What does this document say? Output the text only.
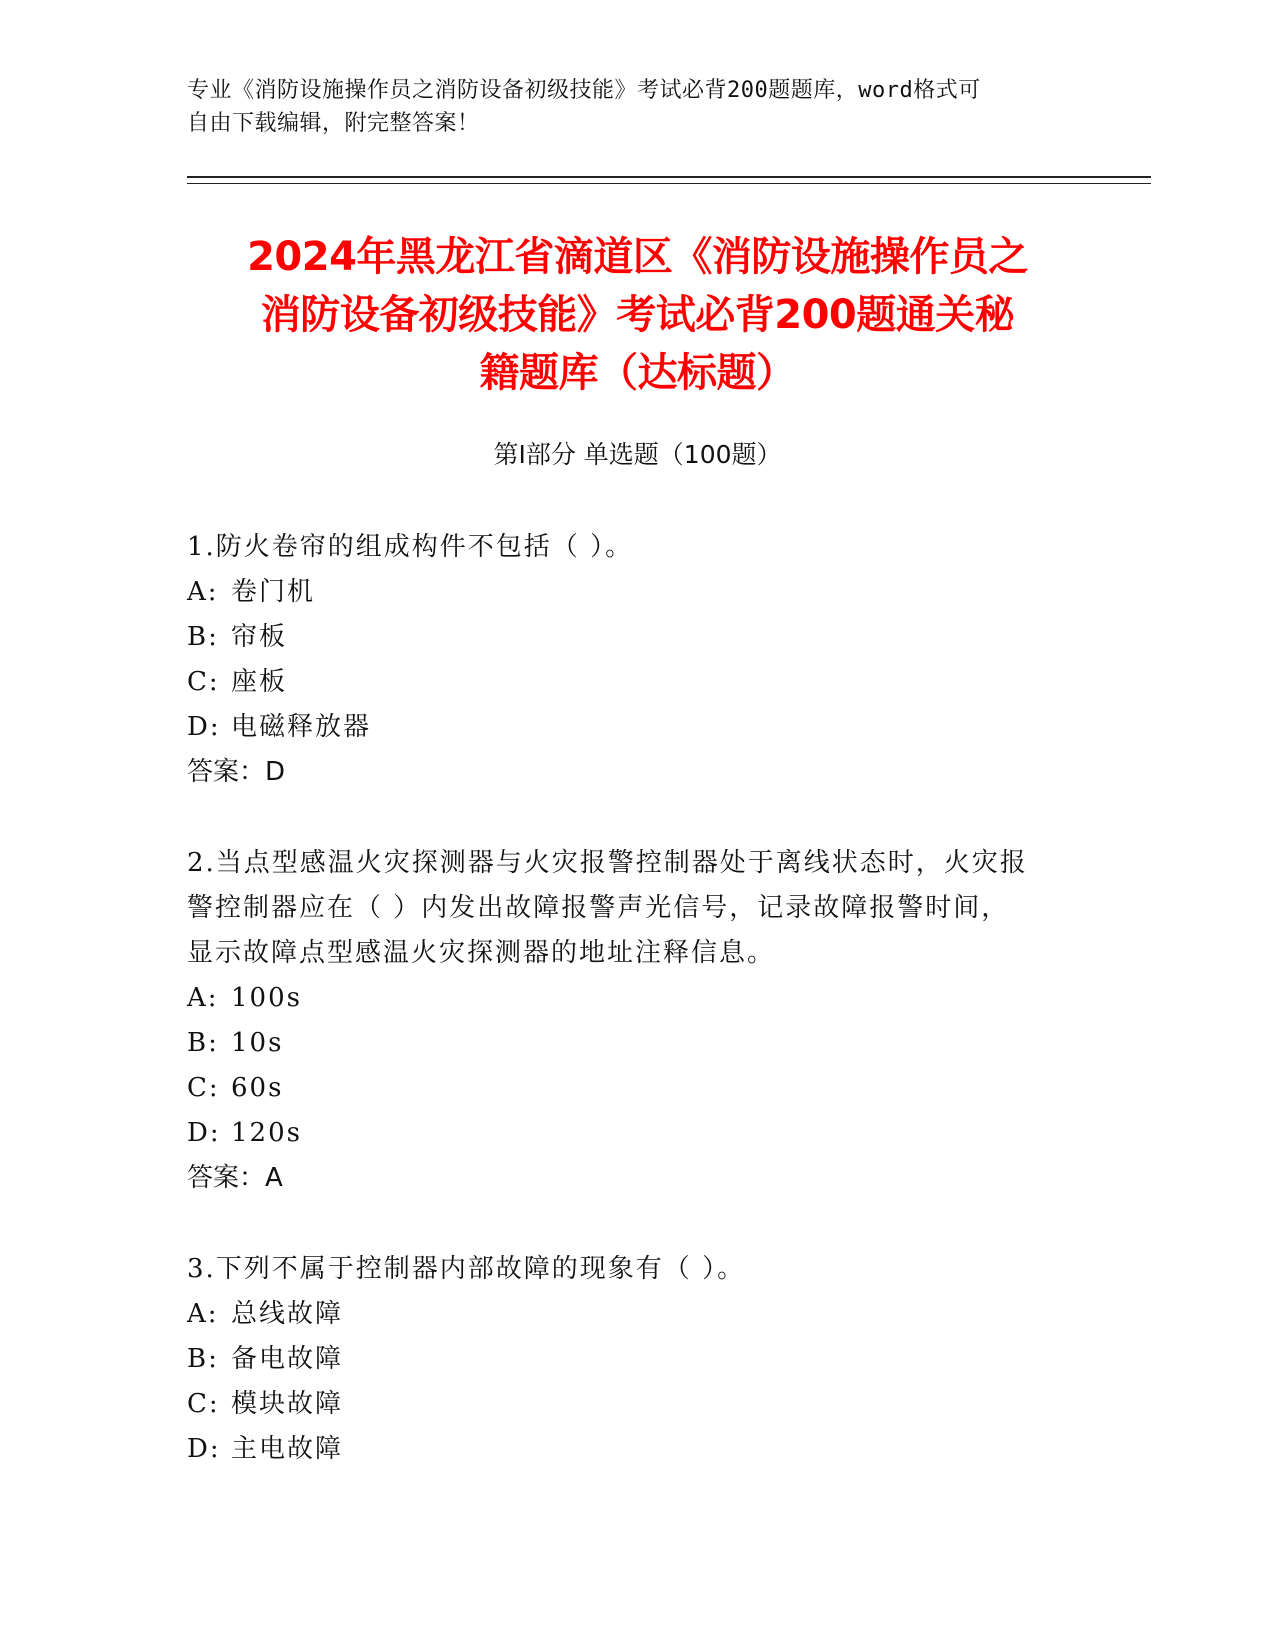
专业《消防设施操作员之消防设备初级技能》考试必背200题题库，word格式可
自由下载编辑，附完整答案！
2024年黑龙江省滴道区《消防设施操作员之
消防设备初级技能》考试必背200题通关秘
籍题库（达标题）
第Ⅰ部分 单选题（100题）
1.防火卷帘的组成构件不包括（ ）。
A: 卷门机
B: 帘板
C: 座板
D: 电磁释放器
答案：D
2.当点型感温火灾探测器与火灾报警控制器处于离线状态时，火灾报
警控制器应在（ ）内发出故障报警声光信号，记录故障报警时间，
显示故障点型感温火灾探测器的地址注释信息。
A: 100s
B: 10s
C: 60s
D: 120s
答案：A
3.下列不属于控制器内部故障的现象有（ ）。
A: 总线故障
B: 备电故障
C: 模块故障
D: 主电故障
